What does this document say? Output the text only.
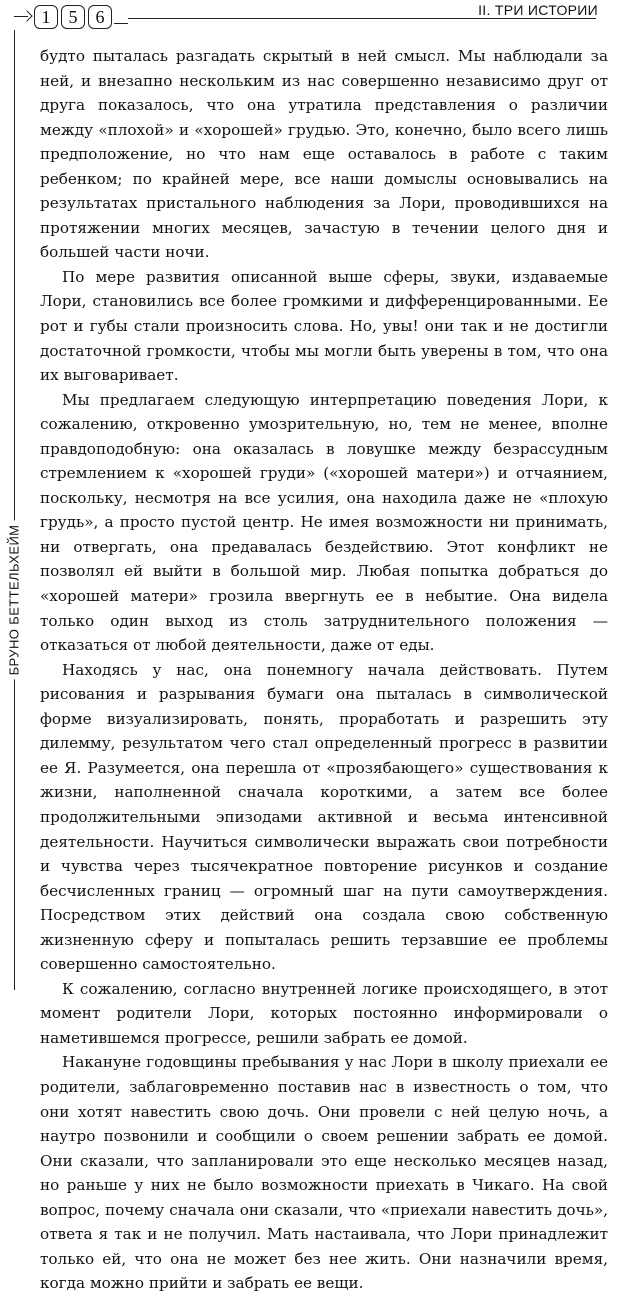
1	5	6	II. ТРИ ИСТОРИИ
БРУНО БЕТТЕЛЬХЕЙМ

будто пыталась разгадать скрытый в ней смысл. Мы наблюдали за ней, и внезапно нескольким из нас совершенно независимо друг от друга показалось, что она утратила представления о различии между «плохой» и «хорошей» грудью. Это, конечно, было всего лишь предположение, но что нам еще оставалось в работе с таким ребенком; по крайней мере, все наши домыслы основывались на результатах пристального наблюдения за Лори, проводившихся на протяжении многих месяцев, зачастую в течении целого дня и большей части ночи.

По мере развития описанной выше сферы, звуки, издаваемые Лори, становились все более громкими и дифференцированными. Ее рот и губы стали произносить слова. Но, увы! они так и не достигли достаточной громкости, чтобы мы могли быть уверены в том, что она их выговаривает.

Мы предлагаем следующую интерпретацию поведения Лори, к сожалению, откровенно умозрительную, но, тем не менее, вполне правдоподобную: она оказалась в ловушке между безрассудным стремлением к «хорошей груди» («хорошей матери») и отчаянием, поскольку, несмотря на все усилия, она находила даже не «плохую грудь», а просто пустой центр. Не имея возможности ни принимать, ни отвергать, она предавалась бездействию. Этот конфликт не позволял ей выйти в большой мир. Любая попытка добраться до «хорошей матери» грозила ввергнуть ее в небытие. Она видела только один выход из столь затруднительного положения — отказаться от любой деятельности, даже от еды.

Находясь у нас, она понемногу начала действовать. Путем рисования и разрывания бумаги она пыталась в символической форме визуализировать, понять, проработать и разрешить эту дилемму, результатом чего стал определенный прогресс в развитии ее Я. Разумеется, она перешла от «прозябающего» существования к жизни, наполненной сначала короткими, а затем все более продолжительными эпизодами активной и весьма интенсивной деятельности. Научиться символически выражать свои потребности и чувства через тысячекратное повторение рисунков и создание бесчисленных границ — огромный шаг на пути самоутверждения. Посредством этих действий она создала свою собственную жизненную сферу и попыталась решить терзавшие ее проблемы совершенно самостоятельно.

К сожалению, согласно внутренней логике происходящего, в этот момент родители Лори, которых постоянно информировали о наметившемся прогрессе, решили забрать ее домой.

Накануне годовщины пребывания у нас Лори в школу приехали ее родители, заблаговременно поставив нас в известность о том, что они хотят навестить свою дочь. Они провели с ней целую ночь, а наутро позвонили и сообщили о своем решении забрать ее домой. Они сказали, что запланировали это еще несколько месяцев назад, но раньше у них не было возможности приехать в Чикаго. На свой вопрос, почему сначала они сказали, что «приехали навестить дочь», ответа я так и не получил. Мать настаивала, что Лори принадлежит только ей, что она не может без нее жить. Они назначили время, когда можно прийти и забрать ее вещи.
